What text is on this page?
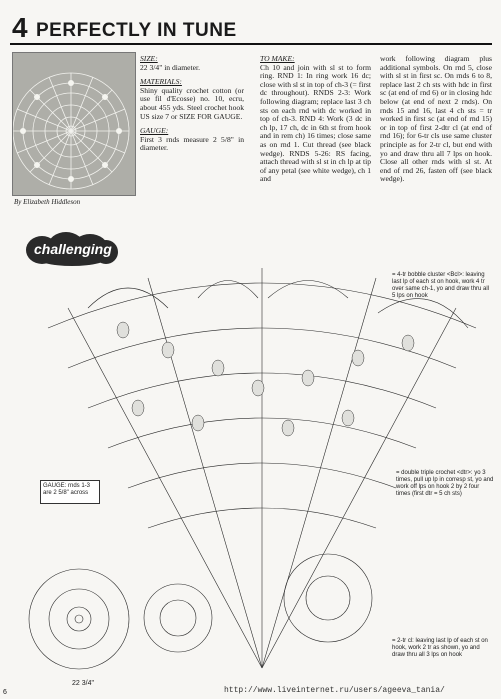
4 PERFECTLY IN TUNE
By Elizabeth Hiddleson
SIZE:
22 3/4" in diameter.
MATERIALS:
Shiny quality crochet cotton (or use fil d'Ecosse) no. 10, ecru, about 455 yds. Steel crochet hook US size 7 or SIZE FOR GAUGE.
GAUGE:
First 3 rnds measure 2 5/8" in diameter.
TO MAKE:
Ch 10 and join with sl st to form ring. RND 1: In ring work 16 dc; close with sl st in top of ch-3 (= first dc throughout). RNDS 2-3: Work following diagram; replace last 3 ch sts on each rnd with dc worked in top of ch-3. RND 4: Work (3 dc in ch lp, 17 ch, dc in 6th st from hook and in rem ch) 16 times; close same as on rnd 1. Cut thread (see black wedge). RNDS 5-26: RS facing, attach thread with sl st in ch lp at tip of any petal (see white wedge), ch 1 and
work following diagram plus additional symbols. On rnd 5, close with sl st in first sc. On rnds 6 to 8, replace last 2 ch sts with hdc in first sc (at end of rnd 6) or in closing hdc below (at end of next 2 rnds). On rnds 15 and 16, last 4 ch sts = tr worked in first sc (at end of rnd 15) or in top of first 2-dtr cl (at end of rnd 16); for 6-tr cls use same cluster principle as for 2-tr cl, but end with yo and draw thru all 7 lps on hook. Close all other rnds with sl st. At end of rnd 26, fasten off (see black wedge).
challenging
= 4-tr bobble cluster <Bcl>: leaving last lp of each st on hook, work 4 tr over same ch-1, yo and draw thru all 5 lps on hook
= double triple crochet <dtr>: yo 3 times, pull up lp in corresp st, yo and work off lps on hook 2 by 2 four times (first dtr = 5 ch sts)
= 2-tr cl: leaving last lp of each st on hook, work 2 tr as shown, yo and draw thru all 3 lps on hook
GAUGE: rnds 1-3 are 2 5/8" across
22 3/4"
6	http://www.liveinternet.ru/users/ageeva_tania/
